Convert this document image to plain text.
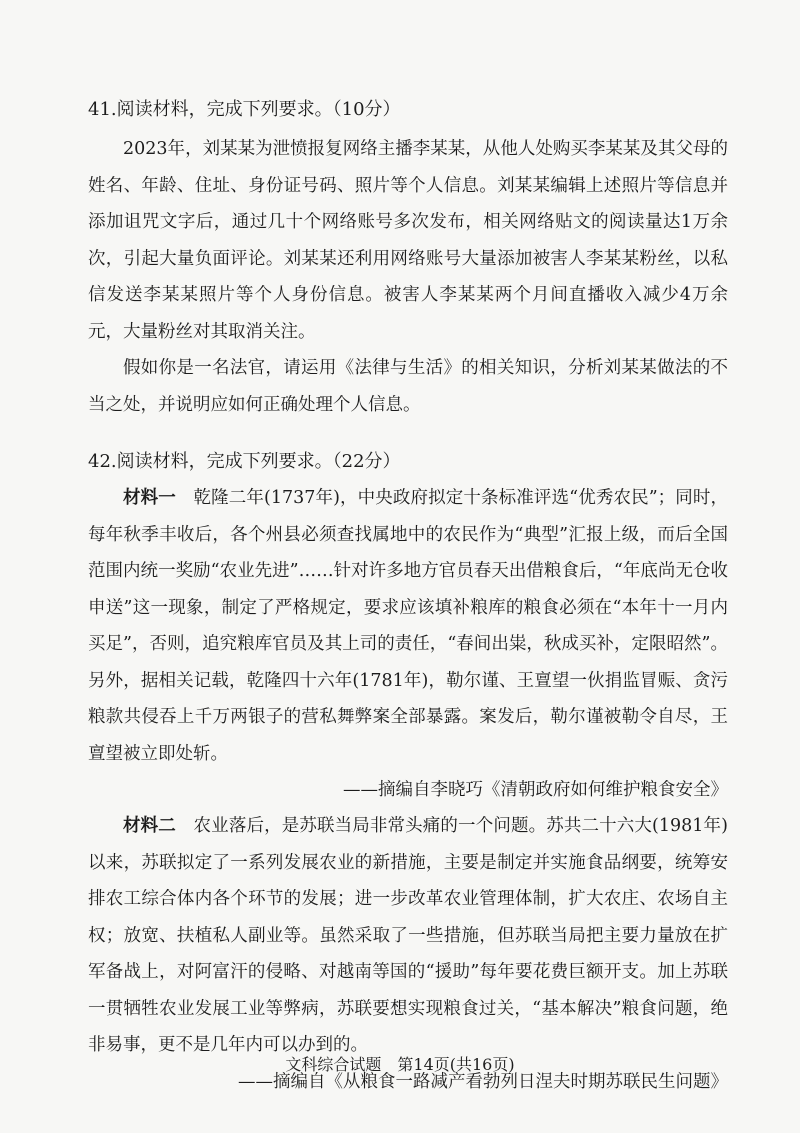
41.阅读材料，完成下列要求。（10分）

2023年，刘某某为泄愤报复网络主播李某某，从他人处购买李某某及其父母的姓名、年龄、住址、身份证号码、照片等个人信息。刘某某编辑上述照片等信息并添加诅咒文字后，通过几十个网络账号多次发布，相关网络贴文的阅读量达1万余次，引起大量负面评论。刘某某还利用网络账号大量添加被害人李某某粉丝，以私信发送李某某照片等个人身份信息。被害人李某某两个月间直播收入减少4万余元，大量粉丝对其取消关注。

假如你是一名法官，请运用《法律与生活》的相关知识，分析刘某某做法的不当之处，并说明应如何正确处理个人信息。

42.阅读材料，完成下列要求。（22分）

材料一　 乾隆二年(1737年)，中央政府拟定十条标准评选“优秀农民”；同时，每年秋季丰收后，各个州县必须查找属地中的农民作为“典型”汇报上级，而后全国范围内统一奖励“农业先进”……针对许多地方官员春天出借粮食后，“年底尚无仓收申送”这一现象，制定了严格规定，要求应该填补粮库的粮食必须在“本年十一月内买足”，否则，追究粮库官员及其上司的责任，“春间出粜，秋成买补，定限昭然”。另外，据相关记载，乾隆四十六年(1781年)，勒尔谨、王亶望一伙捐监冒赈、贪污粮款共侵吞上千万两银子的营私舞弊案全部暴露。案发后，勒尔谨被勒令自尽，王亶望被立即处斩。

——摘编自李晓巧《清朝政府如何维护粮食安全》

材料二　 农业落后，是苏联当局非常头痛的一个问题。苏共二十六大(1981年)以来，苏联拟定了一系列发展农业的新措施，主要是制定并实施食品纲要，统筹安排农工综合体内各个环节的发展；进一步改革农业管理体制，扩大农庄、农场自主权；放宽、扶植私人副业等。虽然采取了一些措施，但苏联当局把主要力量放在扩军备战上，对阿富汗的侵略、对越南等国的“援助”每年要花费巨额开支。加上苏联一贯牺牲农业发展工业等弊病，苏联要想实现粮食过关，“基本解决”粮食问题，绝非易事，更不是几年内可以办到的。

——摘编自《从粮食一路减产看勃列日涅夫时期苏联民生问题》

文科综合试题　第14页(共16页)
